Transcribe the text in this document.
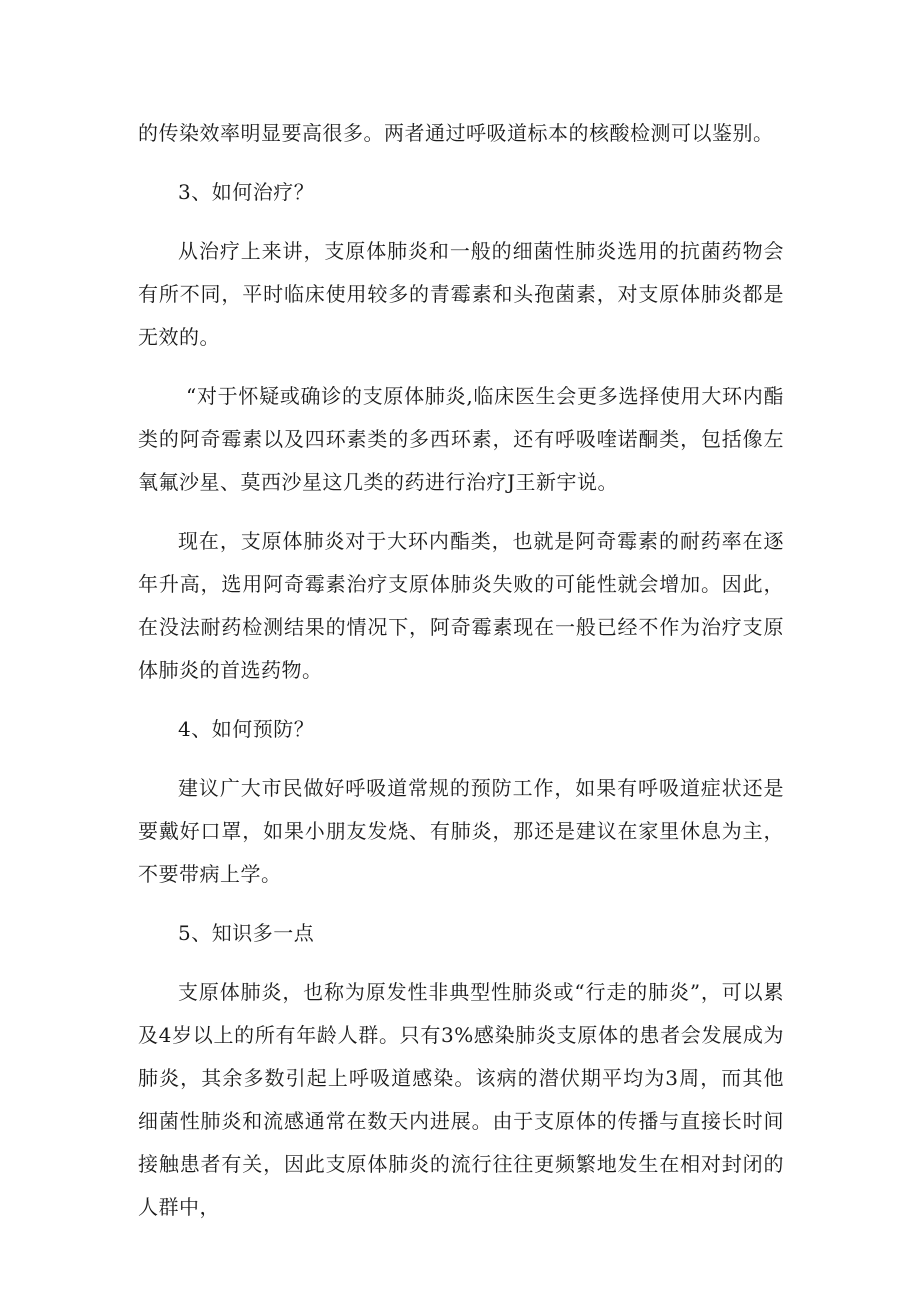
的传染效率明显要高很多。两者通过呼吸道标本的核酸检测可以鉴别。

3、如何治疗？

从治疗上来讲，支原体肺炎和一般的细菌性肺炎选用的抗菌药物会有所不同，平时临床使用较多的青霉素和头孢菌素，对支原体肺炎都是无效的。

“对于怀疑或确诊的支原体肺炎,临床医生会更多选择使用大环内酯类的阿奇霉素以及四环素类的多西环素，还有呼吸喹诺酮类，包括像左氧氟沙星、莫西沙星这几类的药进行治疗J王新宇说。

现在，支原体肺炎对于大环内酯类，也就是阿奇霉素的耐药率在逐年升高，选用阿奇霉素治疗支原体肺炎失败的可能性就会增加。因此，在没法耐药检测结果的情况下，阿奇霉素现在一般已经不作为治疗支原体肺炎的首选药物。

4、如何预防？

建议广大市民做好呼吸道常规的预防工作，如果有呼吸道症状还是要戴好口罩，如果小朋友发烧、有肺炎，那还是建议在家里休息为主，不要带病上学。

5、知识多一点

支原体肺炎，也称为原发性非典型性肺炎或“行走的肺炎”，可以累及4岁以上的所有年龄人群。只有3%感染肺炎支原体的患者会发展成为肺炎，其余多数引起上呼吸道感染。该病的潜伏期平均为3周，而其他细菌性肺炎和流感通常在数天内进展。由于支原体的传播与直接长时间接触患者有关，因此支原体肺炎的流行往往更频繁地发生在相对封闭的人群中，
